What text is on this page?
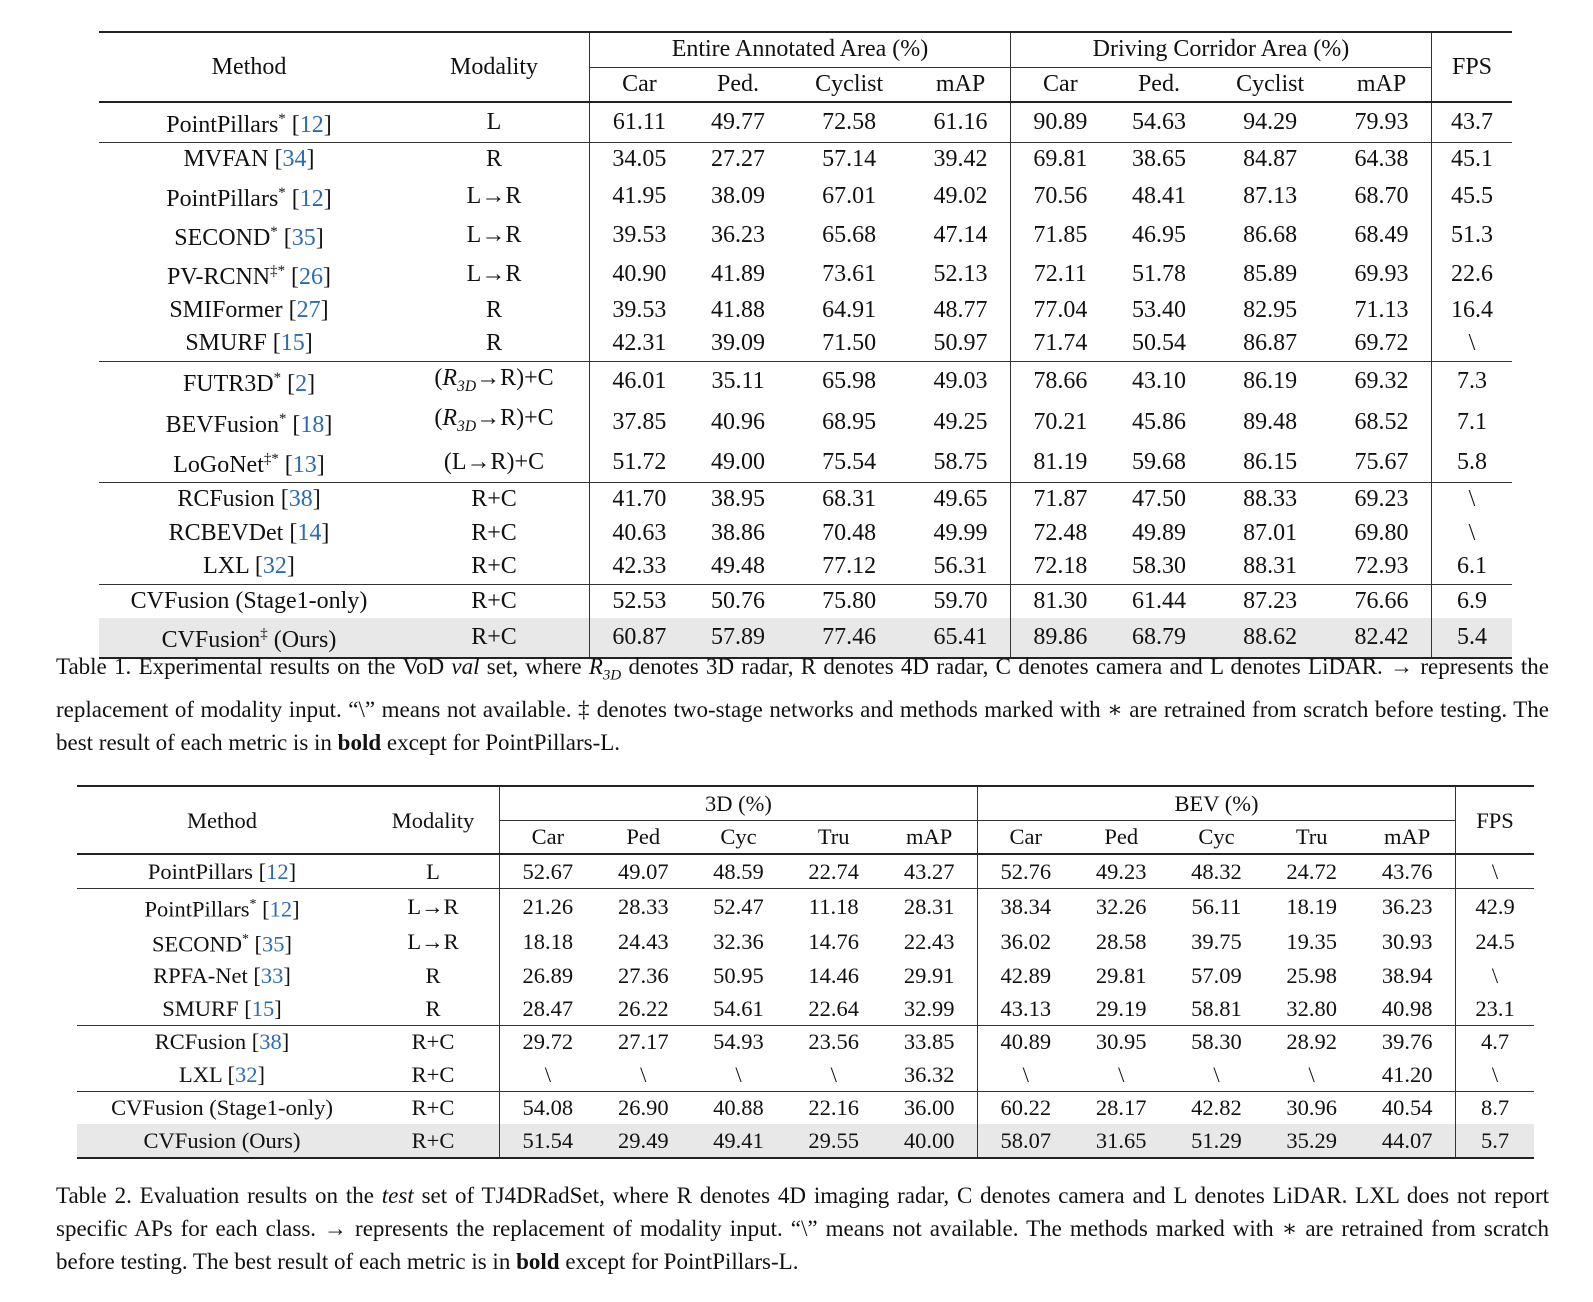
Method	Modality	Entire Annotated Area (%)				Driving Corridor Area (%)				FPS
		Car	Ped.	Cyclist	mAP	Car	Ped.	Cyclist	mAP	
PointPillars* [12]	L	61.11	49.77	72.58	61.16	90.89	54.63	94.29	79.93	43.7
MVFAN [34]	R	34.05	27.27	57.14	39.42	69.81	38.65	84.87	64.38	45.1
PointPillars* [12]	L→R	41.95	38.09	67.01	49.02	70.56	48.41	87.13	68.70	45.5
SECOND* [35]	L→R	39.53	36.23	65.68	47.14	71.85	46.95	86.68	68.49	51.3
PV-RCNN‡* [26]	L→R	40.90	41.89	73.61	52.13	72.11	51.78	85.89	69.93	22.6
SMIFormer [27]	R	39.53	41.88	64.91	48.77	77.04	53.40	82.95	71.13	16.4
SMURF [15]	R	42.31	39.09	71.50	50.97	71.74	50.54	86.87	69.72	\
FUTR3D* [2]	$(R_{3D}\to R)+C$	46.01	35.11	65.98	49.03	78.66	43.10	86.19	69.32	7.3
BEVFusion* [18]	$(R_{3D}\to R)+C$	37.85	40.96	68.95	49.25	70.21	45.86	89.48	68.52	7.1
LoGoNet‡* [13]	(L→R)+C	51.72	49.00	75.54	58.75	81.19	59.68	86.15	75.67	5.8
RCFusion [38]	R+C	41.70	38.95	68.31	49.65	71.87	47.50	88.33	69.23	\
RCBEVDet [14]	R+C	40.63	38.86	70.48	49.99	72.48	49.89	87.01	69.80	\
LXL [32]	R+C	42.33	49.48	77.12	56.31	72.18	58.30	88.31	72.93	6.1
CVFusion (Stage1-only)	R+C	52.53	50.76	75.80	59.70	81.30	61.44	87.23	76.66	6.9
CVFusion‡ (Ours)	R+C	60.87	57.89	77.46	65.41	89.86	68.79	88.62	82.42	5.4
Table 1. Experimental results on the VoD val set, where $R_{3D}$ denotes 3D radar, R denotes 4D radar, C denotes camera and L denotes LiDAR. → represents the replacement of modality input. “\” means not available. ‡ denotes two-stage networks and methods marked with ∗ are retrained from scratch before testing. The best result of each metric is in bold except for PointPillars-L.
Method	Modality	3D (%)					BEV (%)					FPS
		Car	Ped	Cyc	Tru	mAP	Car	Ped	Cyc	Tru	mAP	
PointPillars [12]	L	52.67	49.07	48.59	22.74	43.27	52.76	49.23	48.32	24.72	43.76	\
PointPillars* [12]	L→R	21.26	28.33	52.47	11.18	28.31	38.34	32.26	56.11	18.19	36.23	42.9
SECOND* [35]	L→R	18.18	24.43	32.36	14.76	22.43	36.02	28.58	39.75	19.35	30.93	24.5
RPFA-Net [33]	R	26.89	27.36	50.95	14.46	29.91	42.89	29.81	57.09	25.98	38.94	\
SMURF [15]	R	28.47	26.22	54.61	22.64	32.99	43.13	29.19	58.81	32.80	40.98	23.1
RCFusion [38]	R+C	29.72	27.17	54.93	23.56	33.85	40.89	30.95	58.30	28.92	39.76	4.7
LXL [32]	R+C	\	\	\	\	36.32	\	\	\	\	41.20	\
CVFusion (Stage1-only)	R+C	54.08	26.90	40.88	22.16	36.00	60.22	28.17	42.82	30.96	40.54	8.7
CVFusion (Ours)	R+C	51.54	29.49	49.41	29.55	40.00	58.07	31.65	51.29	35.29	44.07	5.7
Table 2. Evaluation results on the test set of TJ4DRadSet, where R denotes 4D imaging radar, C denotes camera and L denotes LiDAR. LXL does not report specific APs for each class. → represents the replacement of modality input. “\” means not available. The methods marked with ∗ are retrained from scratch before testing. The best result of each metric is in bold except for PointPillars-L.
